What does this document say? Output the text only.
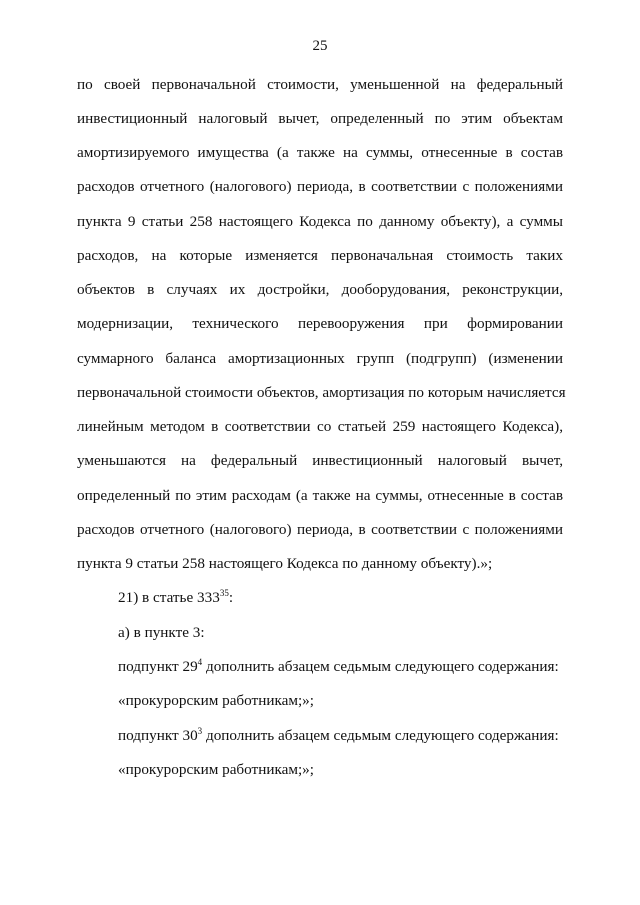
25
по своей первоначальной стоимости, уменьшенной на федеральный
инвестиционный налоговый вычет, определенный по этим объектам
амортизируемого имущества (а также на суммы, отнесенные в состав
расходов отчетного (налогового) периода, в соответствии с положениями
пункта 9 статьи 258 настоящего Кодекса по данному объекту), а суммы
расходов, на которые изменяется первоначальная стоимость таких
объектов в случаях их достройки, дооборудования, реконструкции,
модернизации, технического перевооружения при формировании
суммарного баланса амортизационных групп (подгрупп) (изменении
первоначальной стоимости объектов, амортизация по которым начисляется
линейным методом в соответствии со статьей 259 настоящего Кодекса),
уменьшаются на федеральный инвестиционный налоговый вычет,
определенный по этим расходам (а также на суммы, отнесенные в состав
расходов отчетного (налогового) периода, в соответствии с положениями
пункта 9 статьи 258 настоящего Кодекса по данному объекту).»;
21) в статье $333^{35}$:
а) в пункте 3:
подпункт $29^4$ дополнить абзацем седьмым следующего содержания:
«прокурорским работникам;»;
подпункт $30^3$ дополнить абзацем седьмым следующего содержания:
«прокурорским работникам;»;
